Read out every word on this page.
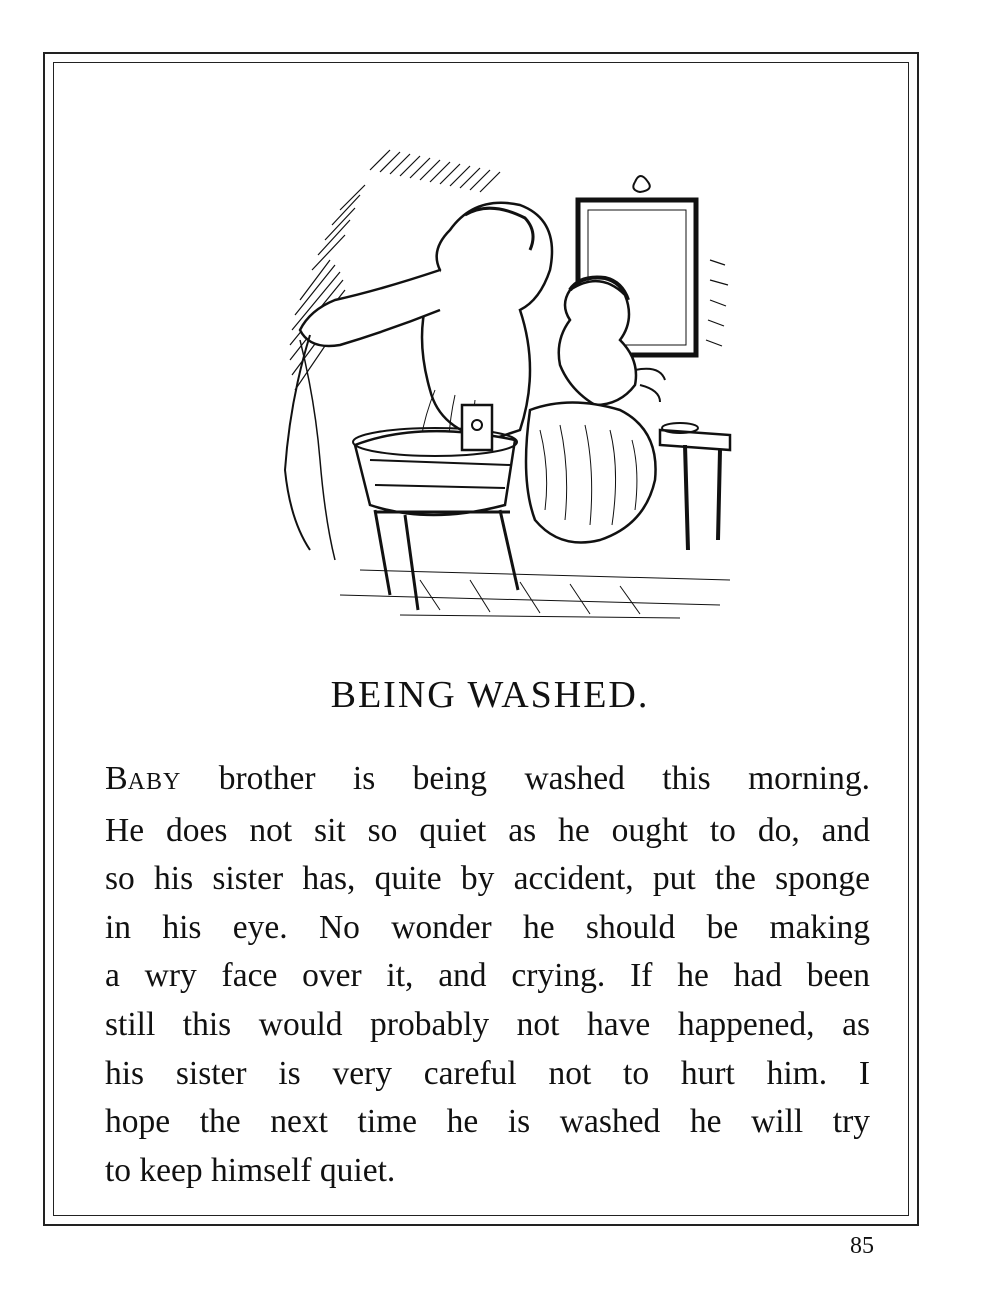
BEING WASHED.
BABY brother is being washed this morning.
He does not sit so quiet as he ought to do, and
so his sister has, quite by accident, put the sponge
in his eye. No wonder he should be making
a wry face over it, and crying. If he had been
still this would probably not have happened, as
his sister is very careful not to hurt him. I
hope the next time he is washed he will try
to keep himself quiet.
85
